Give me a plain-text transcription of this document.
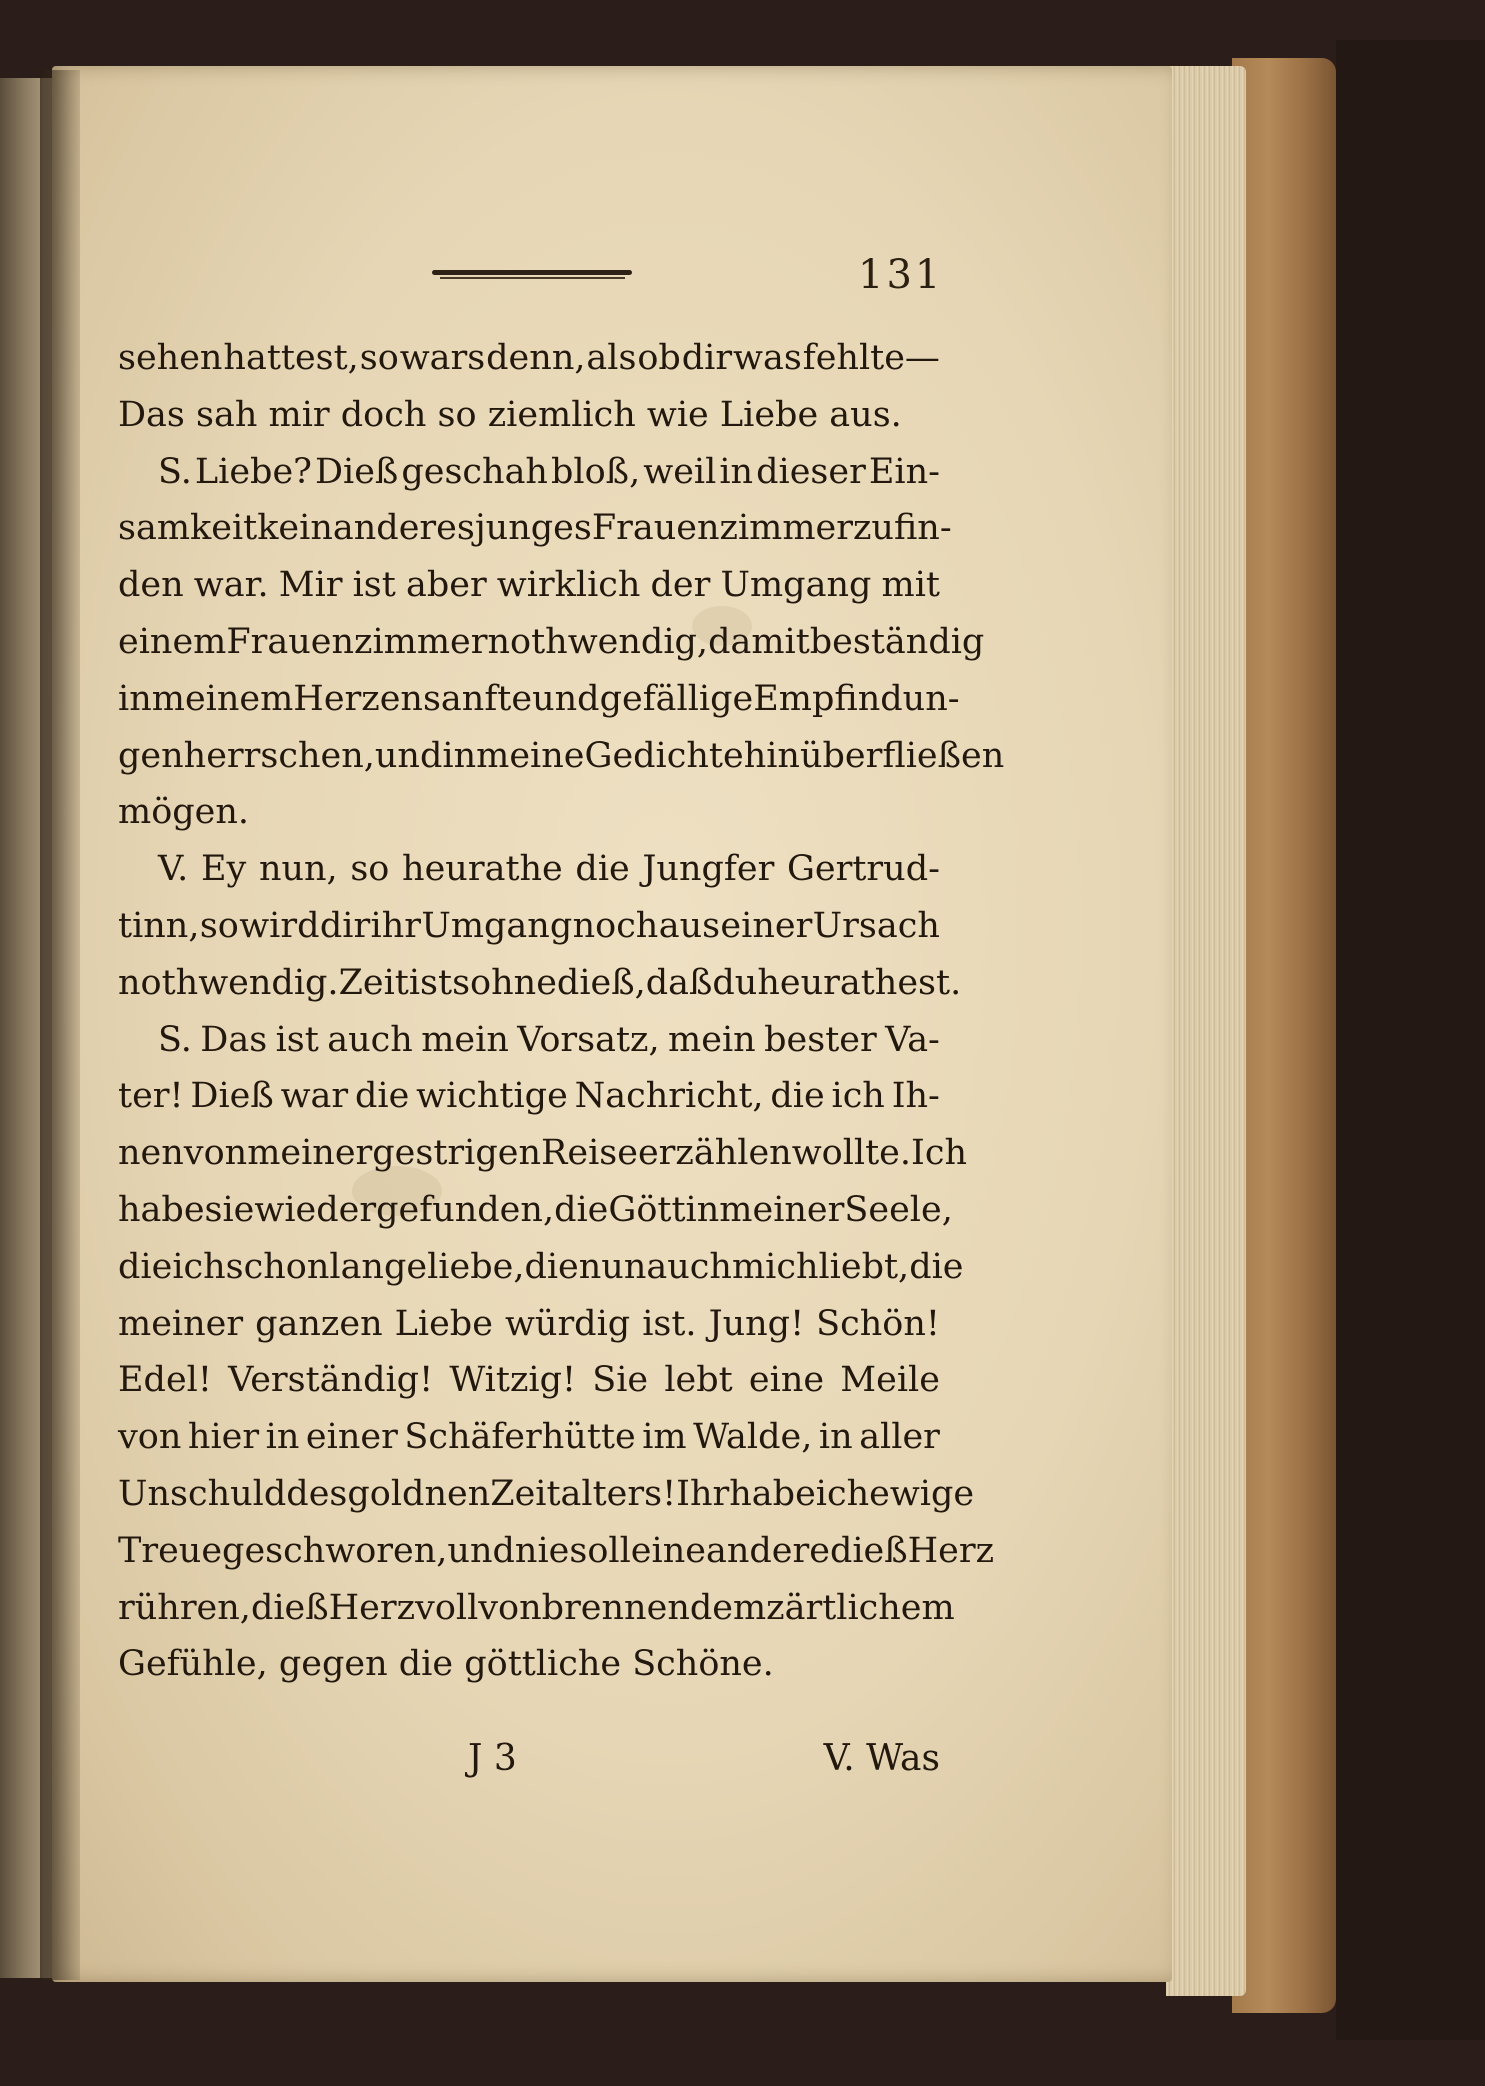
131
sehen hattest, so wars denn, als ob dir was fehlte—
Das sah mir doch so ziemlich wie Liebe aus.
S. Liebe? Dieß geschah bloß, weil in dieser Ein-
samkeit kein anderes junges Frauenzimmer zu fin-
den war. Mir ist aber wirklich der Umgang mit
einem Frauenzimmer nothwendig, damit beständig
in meinem Herzen sanfte und gefällige Empfindun-
gen herrschen, und in meine Gedichte hinüberfließen
mögen.
V. Ey nun, so heurathe die Jungfer Gertrud-
tinn, so wird dir ihr Umgang noch aus einer Ursach
nothwendig. Zeit ists ohnedieß, daß du heurathest.
S. Das ist auch mein Vorsatz, mein bester Va-
ter! Dieß war die wichtige Nachricht, die ich Ih-
nen von meiner gestrigen Reise erzählen wollte. Ich
habe sie wieder gefunden, die Göttin meiner Seele,
die ich schon lange liebe, die nun auch mich liebt, die
meiner ganzen Liebe würdig ist. Jung! Schön!
Edel! Verständig! Witzig! Sie lebt eine Meile
von hier in einer Schäferhütte im Walde, in aller
Unschuld des goldnen Zeitalters! Ihr habe ich ewige
Treue geschworen, und nie soll eine andere dieß Herz
rühren, dieß Herz voll von brennendem zärtlichem
Gefühle, gegen die göttliche Schöne.
J 3	V. Was
